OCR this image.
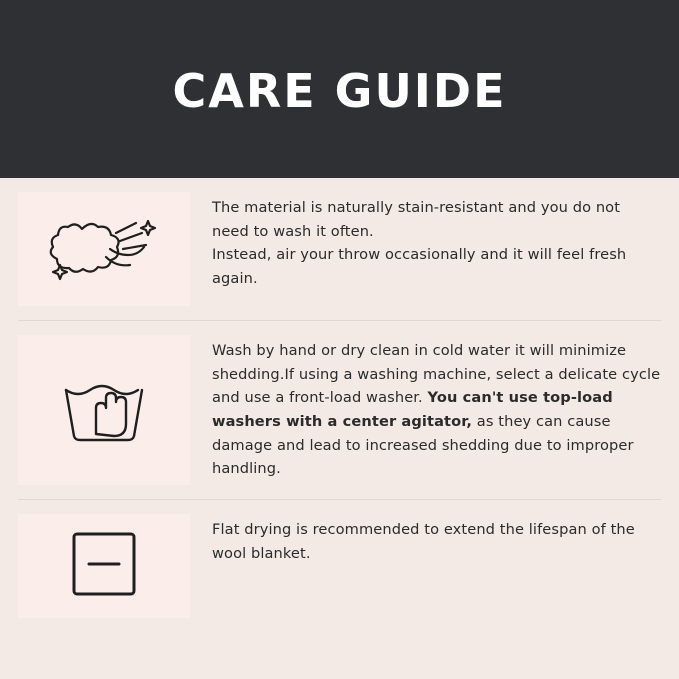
CARE GUIDE
The material is naturally stain-resistant and you do not need to wash it often.
Instead, air your throw occasionally and it will feel fresh again.
Wash by hand or dry clean in cold water it will minimize shedding.If using a washing machine, select a delicate cycle and use a front-load washer. You can't use top-load washers with a center agitator, as they can cause damage and lead to increased shedding due to improper handling.
Flat drying is recommended to extend the lifespan of the wool blanket.
